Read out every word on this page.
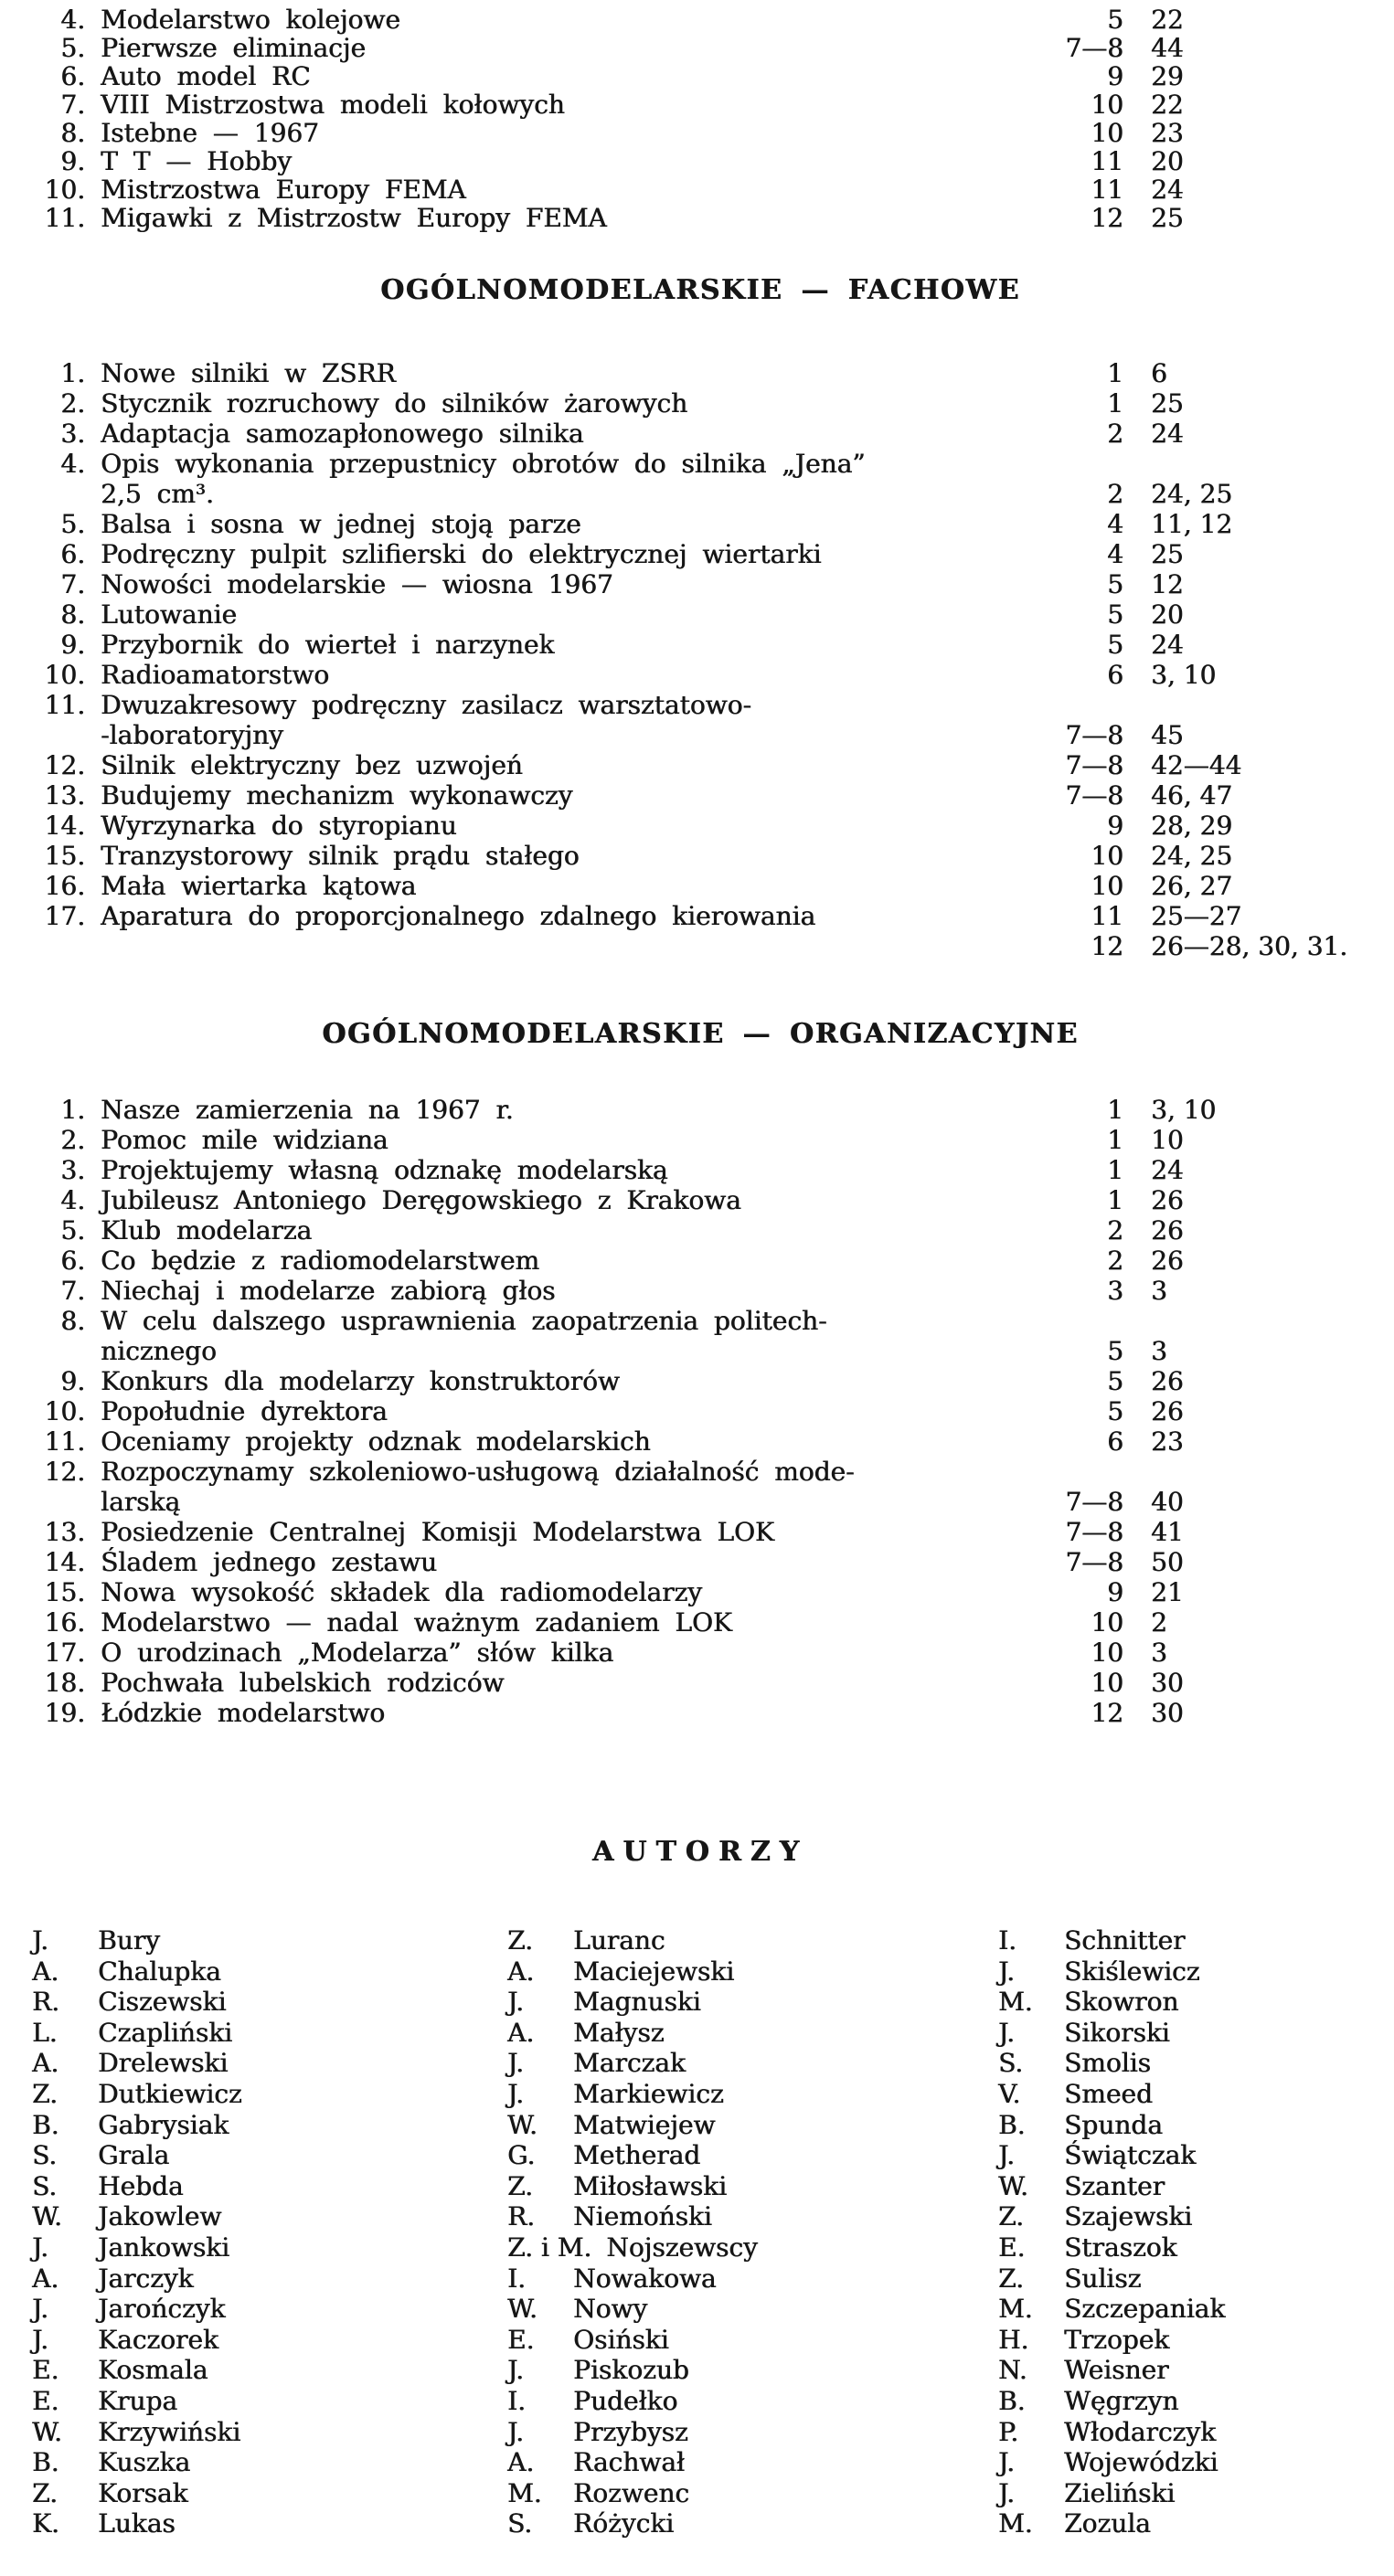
4. Modelarstwo kolejowe	5 22
5. Pierwsze eliminacje	7—8 44
6. Auto model RC	9 29
7. VIII Mistrzostwa modeli kołowych	10 22
8. Istebne — 1967	10 23
9. T T — Hobby	11 20
10. Mistrzostwa Europy FEMA	11 24
11. Migawki z Mistrzostw Europy FEMA	12 25
OGÓLNOMODELARSKIE — FACHOWE
1. Nowe silniki w ZSRR	1 6
2. Stycznik rozruchowy do silników żarowych	1 25
3. Adaptacja samozapłonowego silnika	2 24
4. Opis wykonania przepustnicy obrotów do silnika „Jena”
2,5 cm³.	2 24, 25
5. Balsa i sosna w jednej stoją parze	4 11, 12
6. Podręczny pulpit szlifierski do elektrycznej wiertarki	4 25
7. Nowości modelarskie — wiosna 1967	5 12
8. Lutowanie	5 20
9. Przybornik do wierteł i narzynek	5 24
10. Radioamatorstwo	6 3, 10
11. Dwuzakresowy podręczny zasilacz warsztatowo-
-laboratoryjny	7—8 45
12. Silnik elektryczny bez uzwojeń	7—8 42—44
13. Budujemy mechanizm wykonawczy	7—8 46, 47
14. Wyrzynarka do styropianu	9 28, 29
15. Tranzystorowy silnik prądu stałego	10 24, 25
16. Mała wiertarka kątowa	10 26, 27
17. Aparatura do proporcjonalnego zdalnego kierowania	11 25—27
12 26—28, 30, 31.
OGÓLNOMODELARSKIE — ORGANIZACYJNE
1. Nasze zamierzenia na 1967 r.	1 3, 10
2. Pomoc mile widziana	1 10
3. Projektujemy własną odznakę modelarską	1 24
4. Jubileusz Antoniego Deręgowskiego z Krakowa	1 26
5. Klub modelarza	2 26
6. Co będzie z radiomodelarstwem	2 26
7. Niechaj i modelarze zabiorą głos	3 3
8. W celu dalszego usprawnienia zaopatrzenia politech-
nicznego	5 3
9. Konkurs dla modelarzy konstruktorów	5 26
10. Popołudnie dyrektora	5 26
11. Oceniamy projekty odznak modelarskich	6 23
12. Rozpoczynamy szkoleniowo-usługową działalność mode-
larską	7—8 40
13. Posiedzenie Centralnej Komisji Modelarstwa LOK	7—8 41
14. Śladem jednego zestawu	7—8 50
15. Nowa wysokość składek dla radiomodelarzy	9 21
16. Modelarstwo — nadal ważnym zadaniem LOK	10 2
17. O urodzinach „Modelarza” słów kilka	10 3
18. Pochwała lubelskich rodziców	10 30
19. Łódzkie modelarstwo	12 30
AUTORZY
J.	Bury
A.	Chalupka
R.	Ciszewski
L.	Czapliński
A.	Drelewski
Z.	Dutkiewicz
B.	Gabrysiak
S.	Grala
S.	Hebda
W.	Jakowlew
J.	Jankowski
A.	Jarczyk
J.	Jarończyk
J.	Kaczorek
E.	Kosmala
E.	Krupa
W.	Krzywiński
B.	Kuszka
Z.	Korsak
K.	Lukas
Z.	Luranc
A.	Maciejewski
J.	Magnuski
A.	Małysz
J.	Marczak
J.	Markiewicz
W.	Matwiejew
G.	Metherad
Z.	Miłosławski
R.	Niemoński
Z. i M. Nojszewscy
I.	Nowakowa
W.	Nowy
E.	Osiński
J.	Piskozub
I.	Pudełko
J.	Przybysz
A.	Rachwał
M.	Rozwenc
S.	Różycki
I.	Schnitter
J.	Skiślewicz
M.	Skowron
J.	Sikorski
S.	Smolis
V.	Smeed
B.	Spunda
J.	Świątczak
W.	Szanter
Z.	Szajewski
E.	Straszok
Z.	Sulisz
M.	Szczepaniak
H.	Trzopek
N.	Weisner
B.	Węgrzyn
P.	Włodarczyk
J.	Wojewódzki
J.	Zieliński
M.	Zozula
